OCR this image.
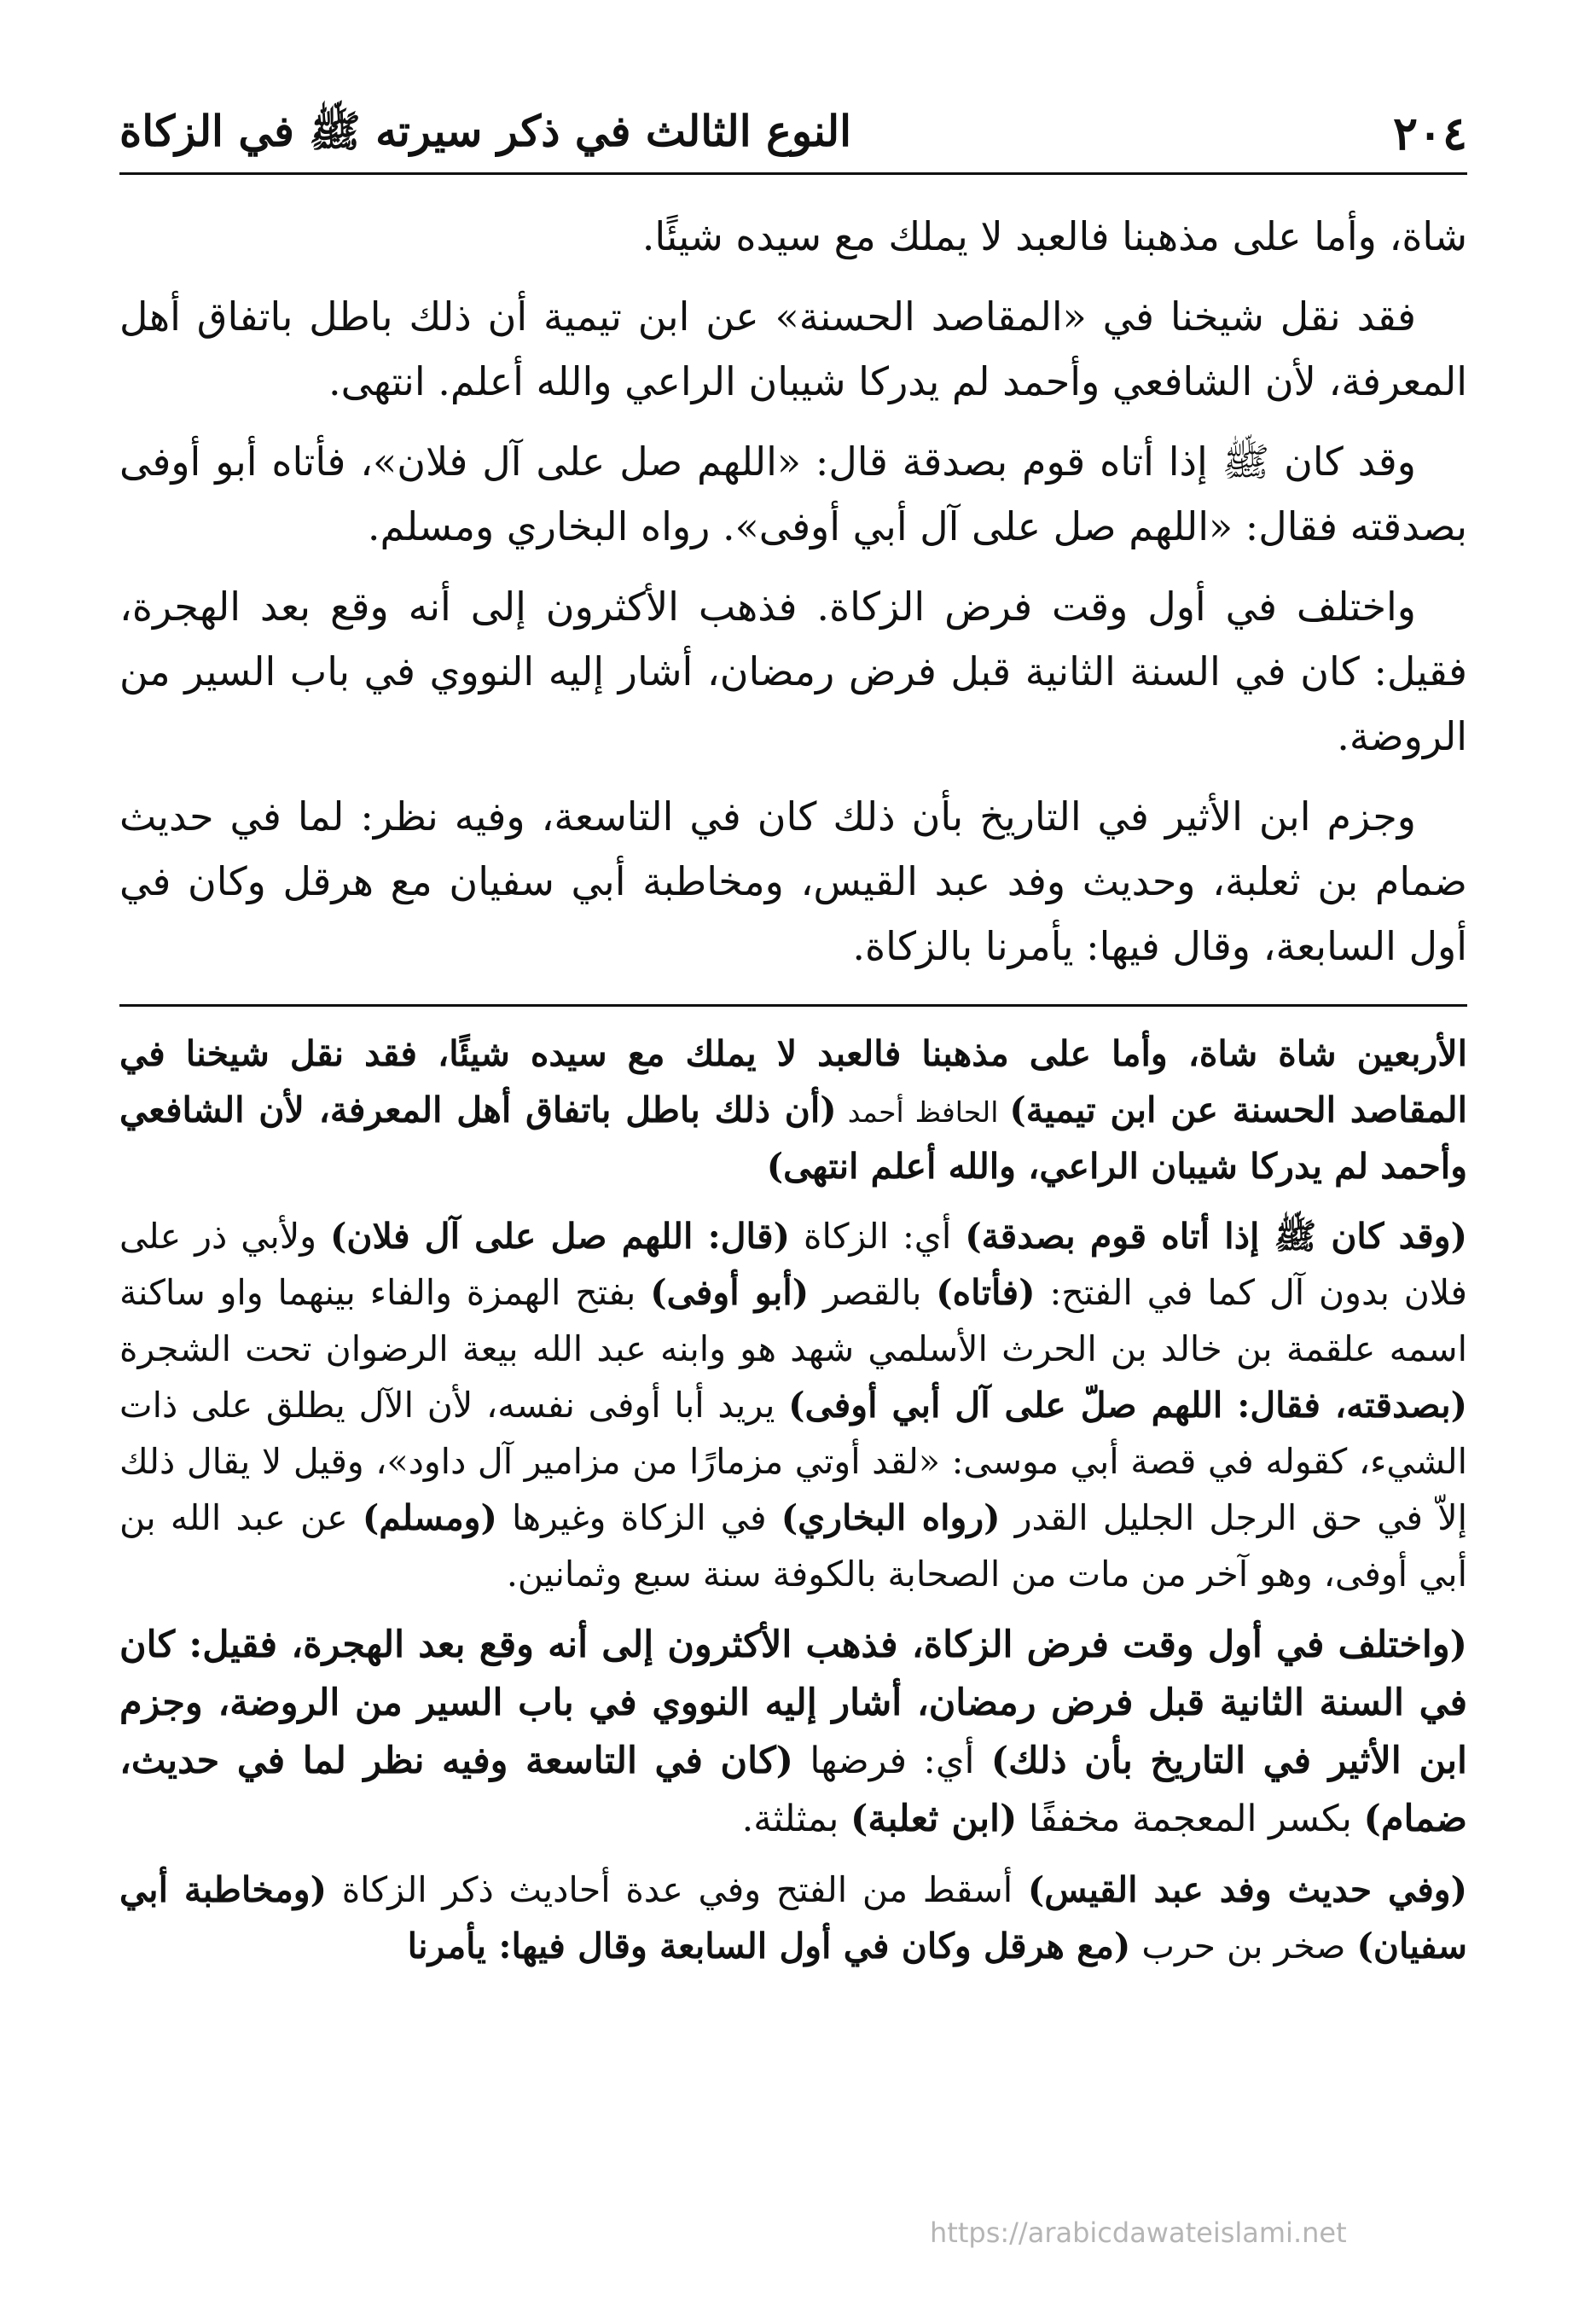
٢٠٤
النوع الثالث في ذكر سيرته ﷺ في الزكاة

شاة، وأما على مذهبنا فالعبد لا يملك مع سيده شيئًا.

فقد نقل شيخنا في «المقاصد الحسنة» عن ابن تيمية أن ذلك باطل باتفاق أهل المعرفة، لأن الشافعي وأحمد لم يدركا شيبان الراعي والله أعلم. انتهى.

وقد كان ﷺ إذا أتاه قوم بصدقة قال: «اللهم صل على آل فلان»، فأتاه أبو أوفى بصدقته فقال: «اللهم صل على آل أبي أوفى». رواه البخاري ومسلم.

واختلف في أول وقت فرض الزكاة. فذهب الأكثرون إلى أنه وقع بعد الهجرة، فقيل: كان في السنة الثانية قبل فرض رمضان، أشار إليه النووي في باب السير من الروضة.

وجزم ابن الأثير في التاريخ بأن ذلك كان في التاسعة، وفيه نظر: لما في حديث ضمام بن ثعلبة، وحديث وفد عبد القيس، ومخاطبة أبي سفيان مع هرقل وكان في أول السابعة، وقال فيها: يأمرنا بالزكاة.

الأربعين شاة شاة، وأما على مذهبنا فالعبد لا يملك مع سيده شيئًا، فقد نقل شيخنا في المقاصد الحسنة عن ابن تيمية) الحافظ أحمد (أن ذلك باطل باتفاق أهل المعرفة، لأن الشافعي وأحمد لم يدركا شيبان الراعي، والله أعلم انتهى)

(وقد كان ﷺ إذا أتاه قوم بصدقة) أي: الزكاة (قال: اللهم صل على آل فلان) ولأبي ذر على فلان بدون آل كما في الفتح: (فأتاه) بالقصر (أبو أوفى) بفتح الهمزة والفاء بينهما واو ساكنة اسمه علقمة بن خالد بن الحرث الأسلمي شهد هو وابنه عبد الله بيعة الرضوان تحت الشجرة (بصدقته، فقال: اللهم صلّ على آل أبي أوفى) يريد أبا أوفى نفسه، لأن الآل يطلق على ذات الشيء، كقوله في قصة أبي موسى: «لقد أوتي مزمارًا من مزامير آل داود»، وقيل لا يقال ذلك إلاّ في حق الرجل الجليل القدر (رواه البخاري) في الزكاة وغيرها (ومسلم) عن عبد الله بن أبي أوفى، وهو آخر من مات من الصحابة بالكوفة سنة سبع وثمانين.

(واختلف في أول وقت فرض الزكاة، فذهب الأكثرون إلى أنه وقع بعد الهجرة، فقيل: كان في السنة الثانية قبل فرض رمضان، أشار إليه النووي في باب السير من الروضة، وجزم ابن الأثير في التاريخ بأن ذلك) أي: فرضها (كان في التاسعة وفيه نظر لما في حديث، ضمام) بكسر المعجمة مخففًا (ابن ثعلبة) بمثلثة.

(وفي حديث وفد عبد القيس) أسقط من الفتح وفي عدة أحاديث ذكر الزكاة (ومخاطبة أبي سفيان) صخر بن حرب (مع هرقل وكان في أول السابعة وقال فيها: يأمرنا

https://arabicdawateislami.net
